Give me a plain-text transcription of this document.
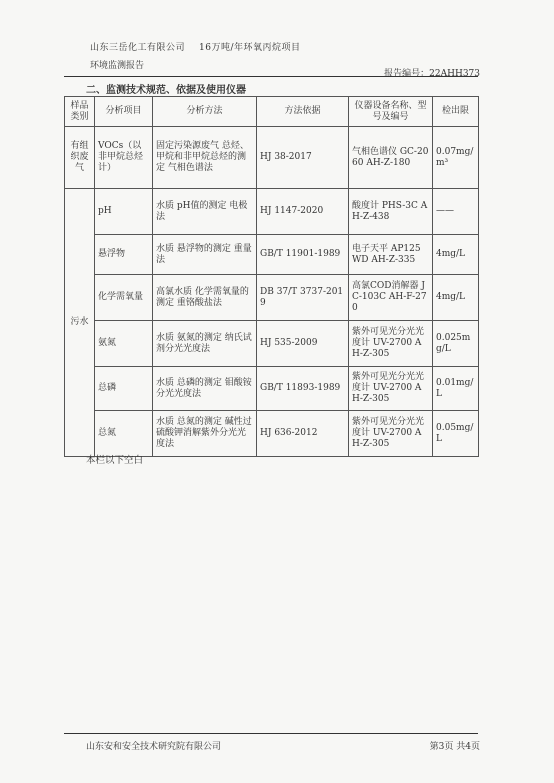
山东三岳化工有限公司 16万吨/年环氧丙烷项目
环境监测报告
报告编号：22AHH373
二、监测技术规范、依据及使用仪器
样品类别	分析项目	分析方法	方法依据	仪器设备名称、型号及编号	检出限
有组织废气	VOCs（以非甲烷总烃计）	固定污染源废气 总烃、甲烷和非甲烷总烃的测定 气相色谱法	HJ 38-2017	气相色谱仪 GC-2060 AH-Z-180	0.07mg/m³
污水	pH	水质 pH值的测定 电极法	HJ 1147-2020	酸度计 PHS-3C AH-Z-438	——
	悬浮物	水质 悬浮物的测定 重量法	GB/T 11901-1989	电子天平 AP125WD AH-Z-335	4mg/L
	化学需氧量	高氯水质 化学需氧量的测定 重铬酸盐法	DB 37/T 3737-2019	高氯COD消解器 JC-103C AH-F-270	4mg/L
	氨氮	水质 氨氮的测定 纳氏试剂分光光度法	HJ 535-2009	紫外可见光分光光度计 UV-2700 AH-Z-305	0.025mg/L
	总磷	水质 总磷的测定 钼酸铵分光光度法	GB/T 11893-1989	紫外可见光分光光度计 UV-2700 AH-Z-305	0.01mg/L
	总氮	水质 总氮的测定 碱性过硫酸钾消解紫外分光光度法	HJ 636-2012	紫外可见光分光光度计 UV-2700 AH-Z-305	0.05mg/L
本栏以下空白
山东安和安全技术研究院有限公司	第3页 共4页
